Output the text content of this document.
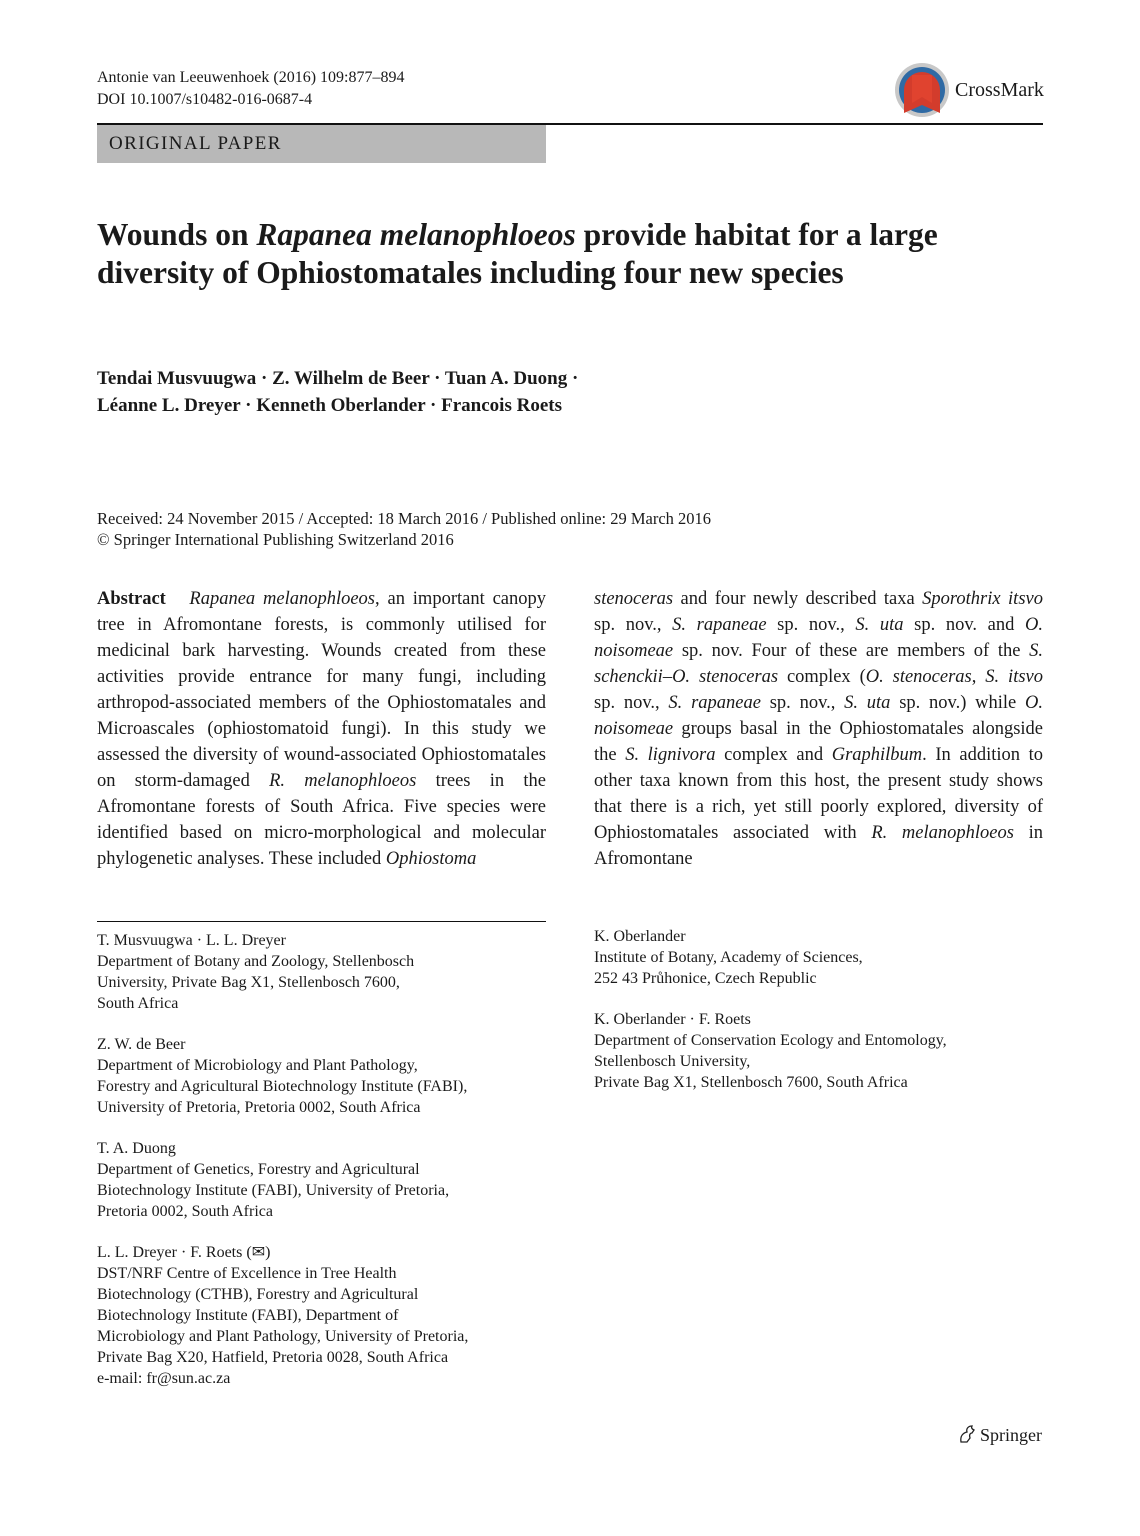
Antonie van Leeuwenhoek (2016) 109:877–894
DOI 10.1007/s10482-016-0687-4	CrossMark
ORIGINAL PAPER
Wounds on Rapanea melanophloeos provide habitat for a large diversity of Ophiostomatales including four new species
Tendai Musvuugwa · Z. Wilhelm de Beer · Tuan A. Duong ·
Léanne L. Dreyer · Kenneth Oberlander · Francois Roets
Received: 24 November 2015 / Accepted: 18 March 2016 / Published online: 29 March 2016
© Springer International Publishing Switzerland 2016

Abstract Rapanea melanophloeos, an important canopy tree in Afromontane forests, is commonly utilised for medicinal bark harvesting. Wounds created from these activities provide entrance for many fungi, including arthropod-associated members of the Ophiostomatales and Microascales (ophiostomatoid fungi). In this study we assessed the diversity of wound-associated Ophiostomatales on storm-damaged R. melanophloeos trees in the Afromontane forests of South Africa. Five species were identified based on micro-morphological and molecular phylogenetic analyses. These included Ophiostoma

stenoceras and four newly described taxa Sporothrix itsvo sp. nov., S. rapaneae sp. nov., S. uta sp. nov. and O. noisomeae sp. nov. Four of these are members of the S. schenckii–O. stenoceras complex (O. stenoceras, S. itsvo sp. nov., S. rapaneae sp. nov., S. uta sp. nov.) while O. noisomeae groups basal in the Ophiostomatales alongside the S. lignivora complex and Graphilbum. In addition to other taxa known from this host, the present study shows that there is a rich, yet still poorly explored, diversity of Ophiostomatales associated with R. melanophloeos in Afromontane

T. Musvuugwa · L. L. Dreyer
Department of Botany and Zoology, Stellenbosch
University, Private Bag X1, Stellenbosch 7600,
South Africa
Z. W. de Beer
Department of Microbiology and Plant Pathology,
Forestry and Agricultural Biotechnology Institute (FABI),
University of Pretoria, Pretoria 0002, South Africa
T. A. Duong
Department of Genetics, Forestry and Agricultural
Biotechnology Institute (FABI), University of Pretoria,
Pretoria 0002, South Africa
L. L. Dreyer · F. Roets (✉)
DST/NRF Centre of Excellence in Tree Health
Biotechnology (CTHB), Forestry and Agricultural
Biotechnology Institute (FABI), Department of
Microbiology and Plant Pathology, University of Pretoria,
Private Bag X20, Hatfield, Pretoria 0028, South Africa
e-mail: fr@sun.ac.za
K. Oberlander
Institute of Botany, Academy of Sciences,
252 43 Průhonice, Czech Republic
K. Oberlander · F. Roets
Department of Conservation Ecology and Entomology,
Stellenbosch University,
Private Bag X1, Stellenbosch 7600, South Africa
Springer
